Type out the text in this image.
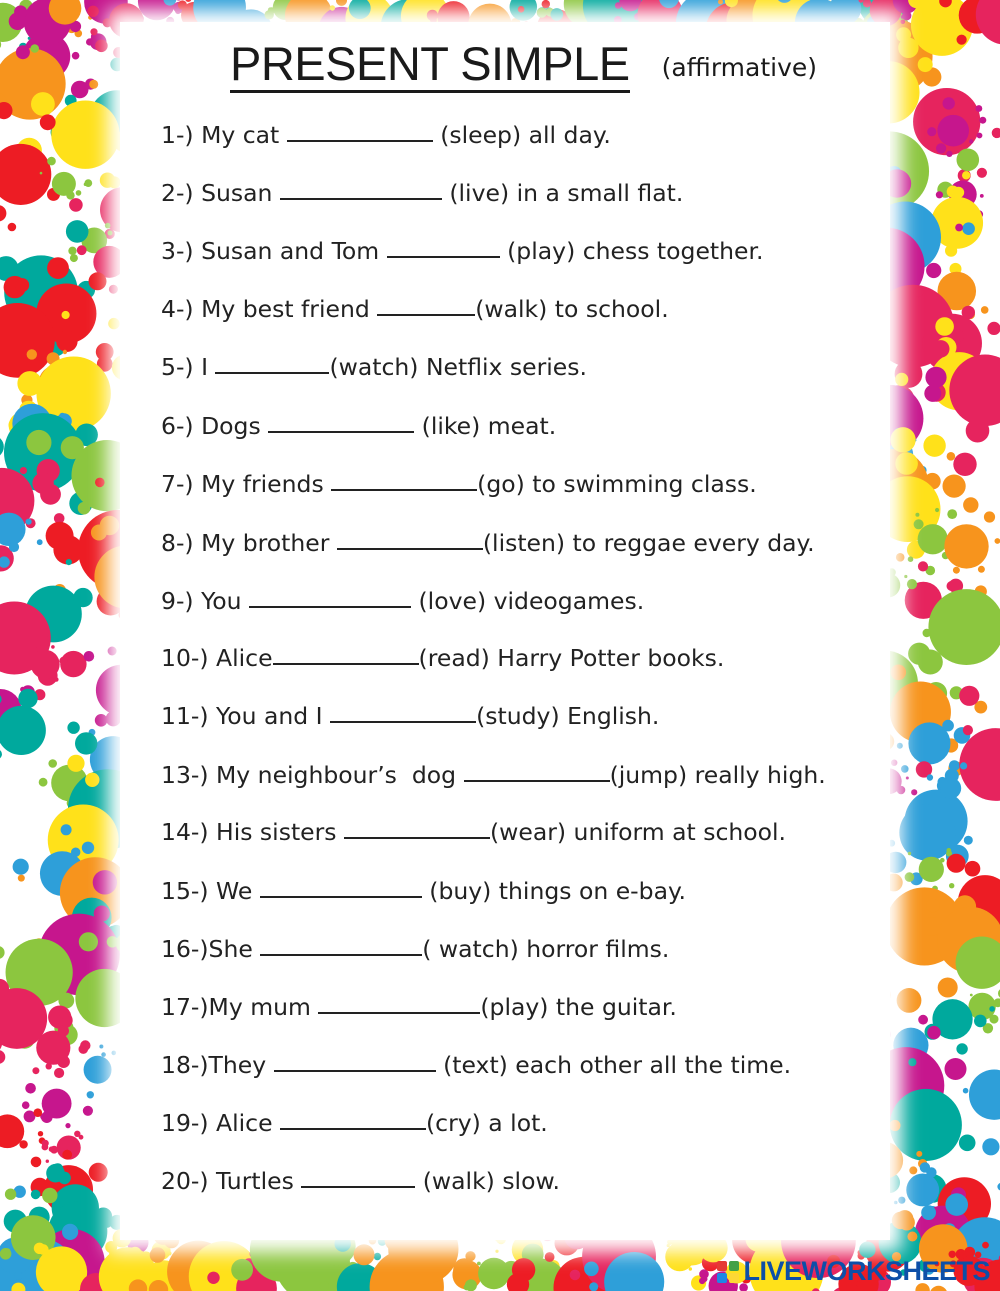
PRESENT SIMPLE (affirmative)
1-) My cat	(sleep) all day.
2-) Susan	(live) in a small flat.
3-) Susan and Tom	(play) chess together.
4-) My best friend	(walk) to school.
5-) I	(watch) Netflix series.
6-) Dogs	(like) meat.
7-) My friends	(go) to swimming class.
8-) My brother	(listen) to reggae every day.
9-) You	(love) videogames.
10-) Alice	(read) Harry Potter books.
11-) You and I	(study) English.
13-) My neighbour’s  dog	(jump) really high.
14-) His sisters	(wear) uniform at school.
15-) We	(buy) things on e-bay.
16-)She	( watch) horror films.
17-)My mum	(play) the guitar.
18-)They	(text) each other all the time.
19-) Alice	(cry) a lot.
20-) Turtles	(walk) slow.
LIVEWORKSHEETS
